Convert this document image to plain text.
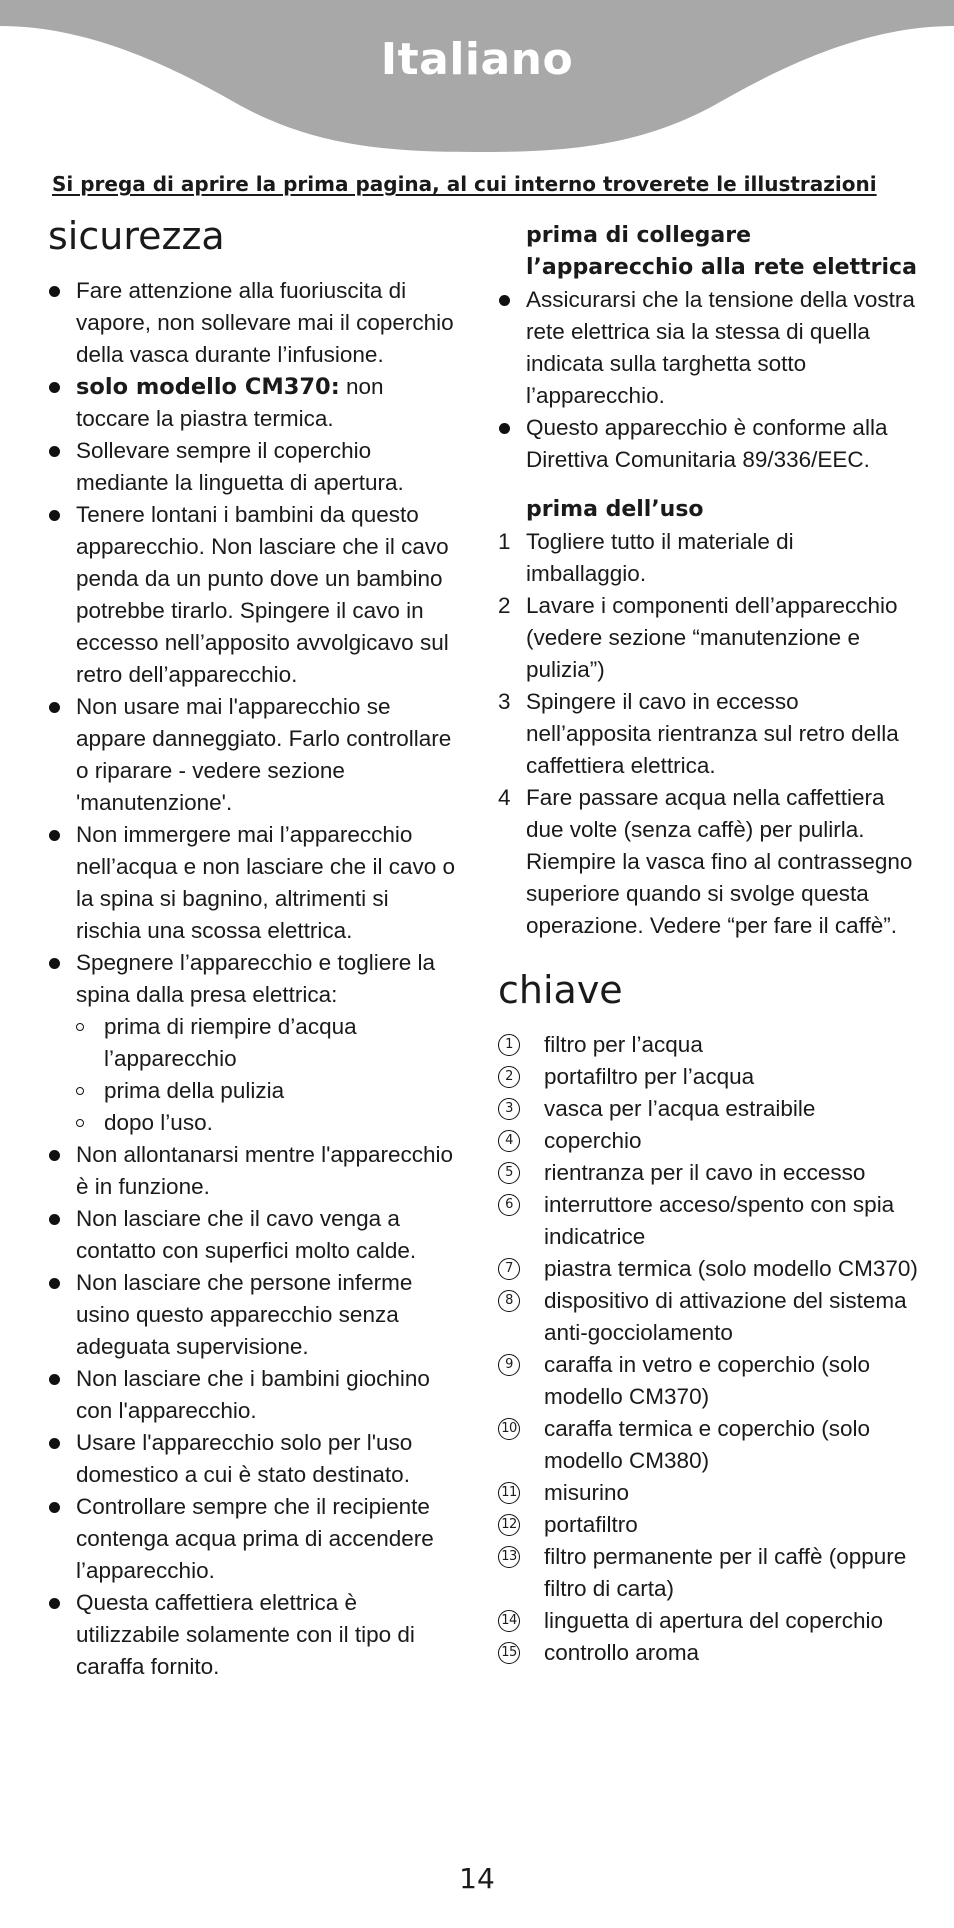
Italiano
Si prega di aprire la prima pagina, al cui interno troverete le illustrazioni
sicurezza
Fare attenzione alla fuoriuscita di vapore, non sollevare mai il coperchio della vasca durante l’infusione.
solo modello CM370: non toccare la piastra termica.
Sollevare sempre il coperchio mediante la linguetta di apertura.
Tenere lontani i bambini da questo apparecchio. Non lasciare che il cavo penda da un punto dove un bambino potrebbe tirarlo. Spingere il cavo in eccesso nell’apposito avvolgicavo sul retro dell’apparecchio.
Non usare mai l'apparecchio se appare danneggiato. Farlo controllare o riparare - vedere sezione 'manutenzione'.
Non immergere mai l’apparecchio nell’acqua e non lasciare che il cavo o la spina si bagnino, altrimenti si rischia una scossa elettrica.
Spegnere l’apparecchio e togliere la spina dalla presa elettrica:
prima di riempire d’acqua l’apparecchio
prima della pulizia
dopo l’uso.
Non allontanarsi mentre l'apparecchio è in funzione.
Non lasciare che il cavo venga a contatto con superfici molto calde.
Non lasciare che persone inferme usino questo apparecchio senza adeguata supervisione.
Non lasciare che i bambini giochino con l'apparecchio.
Usare l'apparecchio solo per l'uso domestico a cui è stato destinato.
Controllare sempre che il recipiente contenga acqua prima di accendere l’apparecchio.
Questa caffettiera elettrica è utilizzabile solamente con il tipo di caraffa fornito.
prima di collegare l’apparecchio alla rete elettrica
Assicurarsi che la tensione della vostra rete elettrica sia la stessa di quella indicata sulla targhetta sotto l’apparecchio.
Questo apparecchio è conforme alla Direttiva Comunitaria 89/336/EEC.
prima dell’uso
1 Togliere tutto il materiale di imballaggio.
2 Lavare i componenti dell’apparecchio (vedere sezione “manutenzione e pulizia”)
3 Spingere il cavo in eccesso nell’apposita rientranza sul retro della caffettiera elettrica.
4 Fare passare acqua nella caffettiera due volte (senza caffè) per pulirla. Riempire la vasca fino al contrassegno superiore quando si svolge questa operazione. Vedere “per fare il caffè”.
chiave
1	filtro per l’acqua
2	portafiltro per l’acqua
3	vasca per l’acqua estraibile
4	coperchio
5	rientranza per il cavo in eccesso
6	interruttore acceso/spento con spia indicatrice
7	piastra termica (solo modello CM370)
8	dispositivo di attivazione del sistema anti-gocciolamento
9	caraffa in vetro e coperchio (solo modello CM370)
10 caraffa termica e coperchio (solo modello CM380)
11 misurino
12 portafiltro
13 filtro permanente per il caffè (oppure filtro di carta)
14 linguetta di apertura del coperchio
15 controllo aroma
14
